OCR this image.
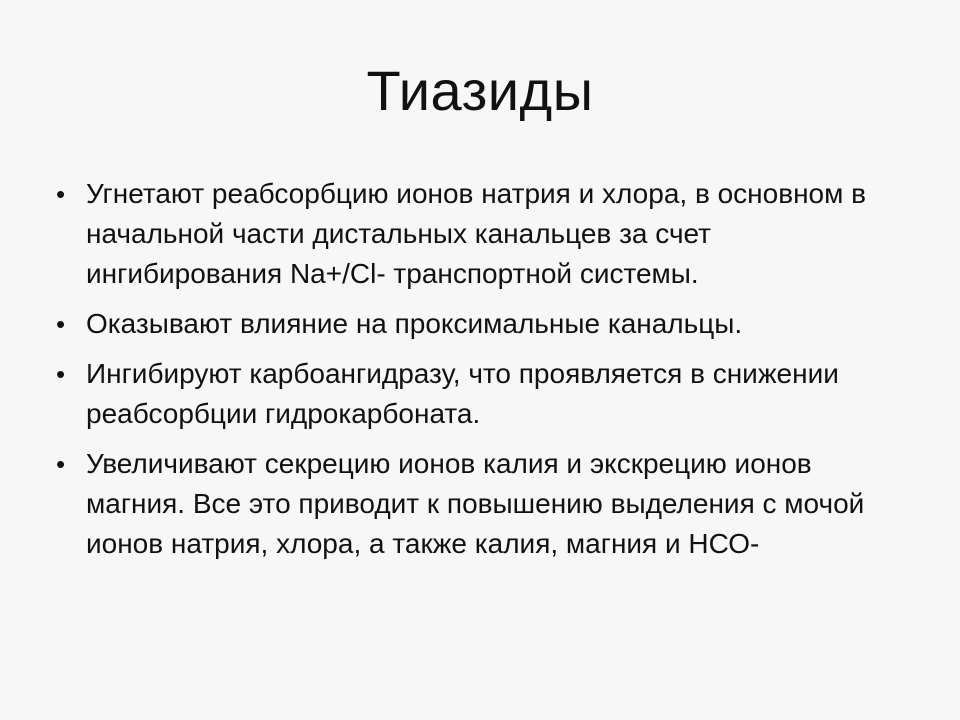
Тиазиды
• Угнетают реабсорбцию ионов натрия и хлора, в основном в начальной части дистальных канальцев за счет ингибирования Na+/Cl- транспортной системы.
• Оказывают влияние на проксимальные канальцы.
• Ингибируют карбоангидразу, что проявляется в снижении реабсорбции гидрокарбоната.
• Увеличивают секрецию ионов калия и экскрецию ионов магния. Все это приводит к повышению выделения с мочой ионов натрия, хлора, а также калия, магния и НСО-
